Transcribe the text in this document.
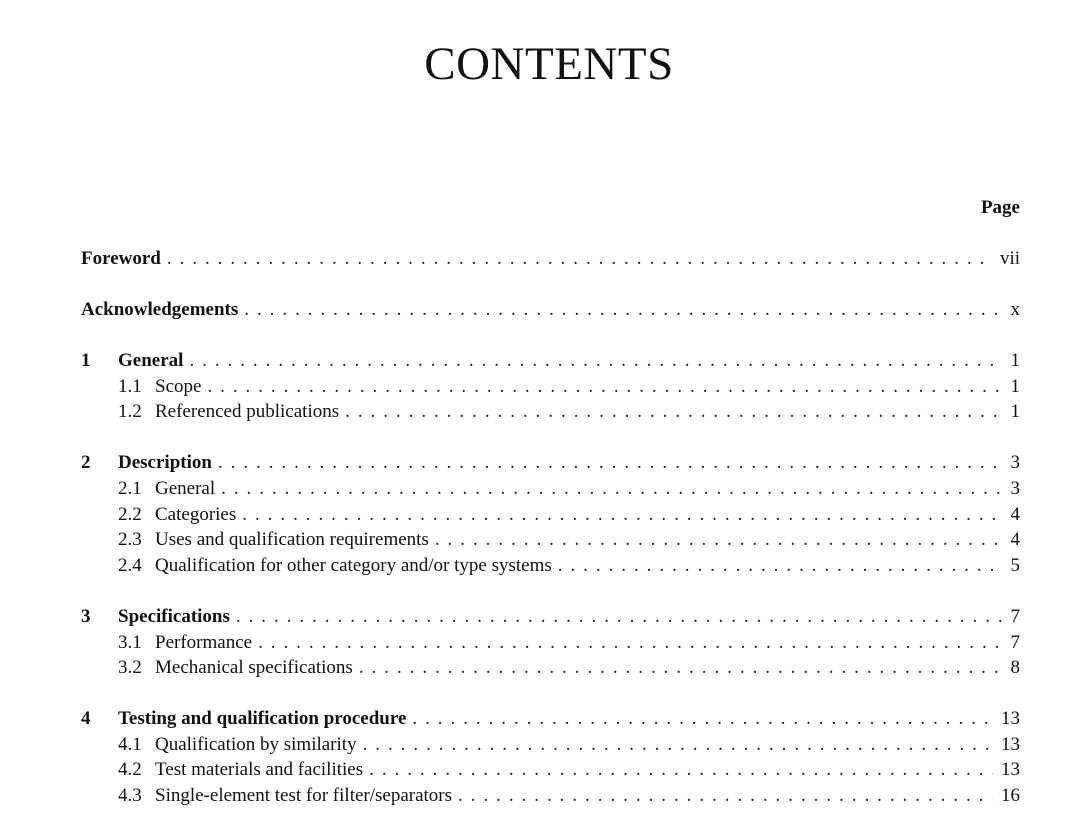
CONTENTS
Page
Foreword . . .	vii
Acknowledgements . . .	x
1	General . . .	1
1.1 Scope . . .	1
1.2 Referenced publications . . .	1
2	Description . . .	3
2.1 General . . .	3
2.2 Categories . . .	4
2.3 Uses and qualification requirements . . .	4
2.4 Qualification for other category and/or type systems . . .	5
3	Specifications . . .	7
3.1 Performance . . .	7
3.2 Mechanical specifications . . .	8
4	Testing and qualification procedure . . .	13
4.1 Qualification by similarity . . .	13
4.2 Test materials and facilities . . .	13
4.3 Single-element test for filter/separators . . .	16
